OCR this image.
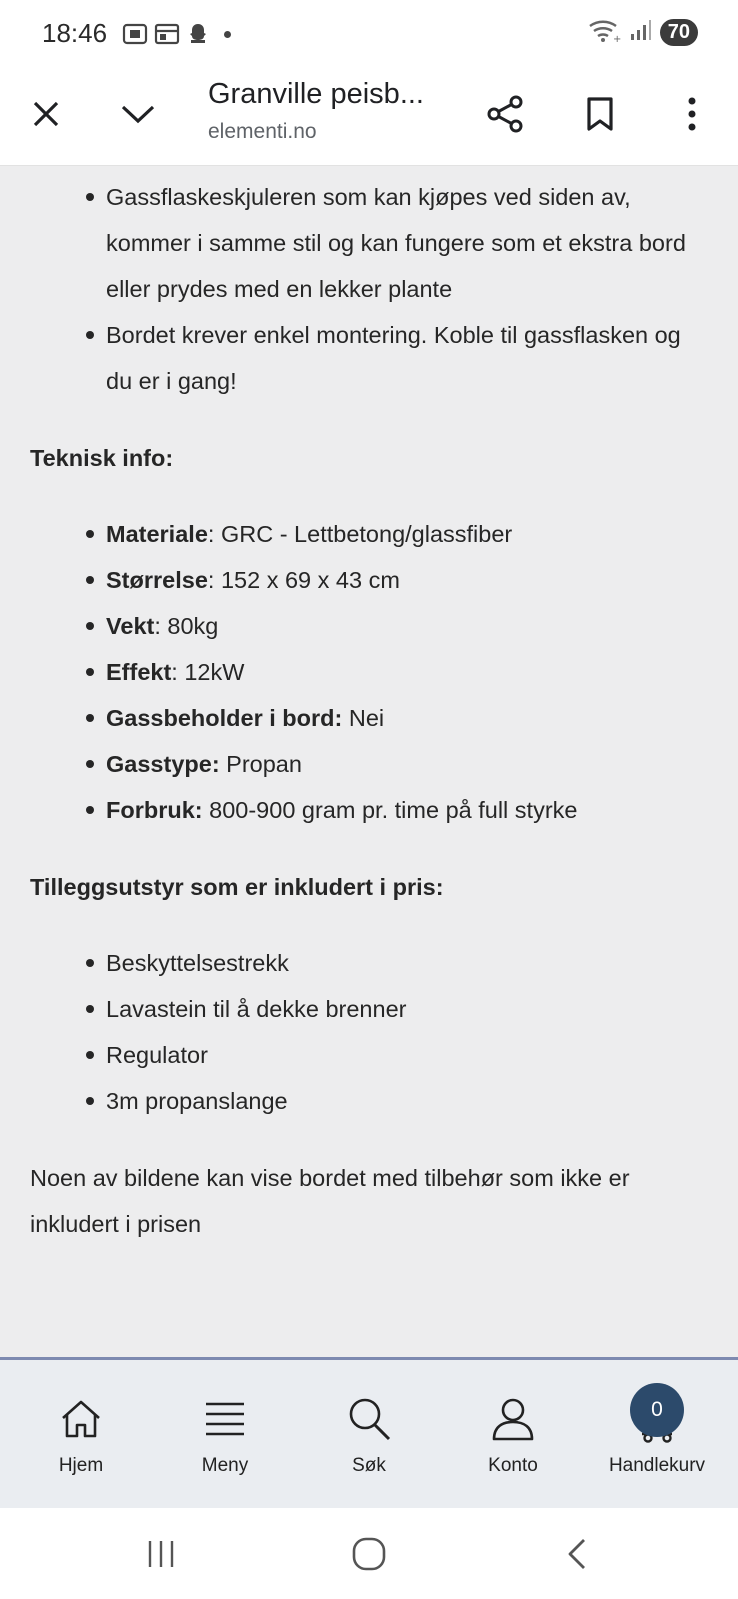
18:46	+	70
Granville peisb...
elementi.no
Gassflaskeskjuleren som kan kjøpes ved siden av, kommer i samme stil og kan fungere som et ekstra bord eller prydes med en lekker plante
Bordet krever enkel montering. Koble til gassflasken og du er i gang!

Teknisk info:

Materiale: GRC - Lettbetong/glassfiber
Størrelse: 152 x 69 x 43 cm
Vekt: 80kg
Effekt: 12kW
Gassbeholder i bord: Nei
Gasstype: Propan
Forbruk: 800-900 gram pr. time på full styrke

Tilleggsutstyr som er inkludert i pris:

Beskyttelsestrekk
Lavastein til å dekke brenner
Regulator
3m propanslange

Noen av bildene kan vise bordet med tilbehør som ikke er inkludert i prisen

Hjem	Meny	Søk	Konto
0
Handlekurv
